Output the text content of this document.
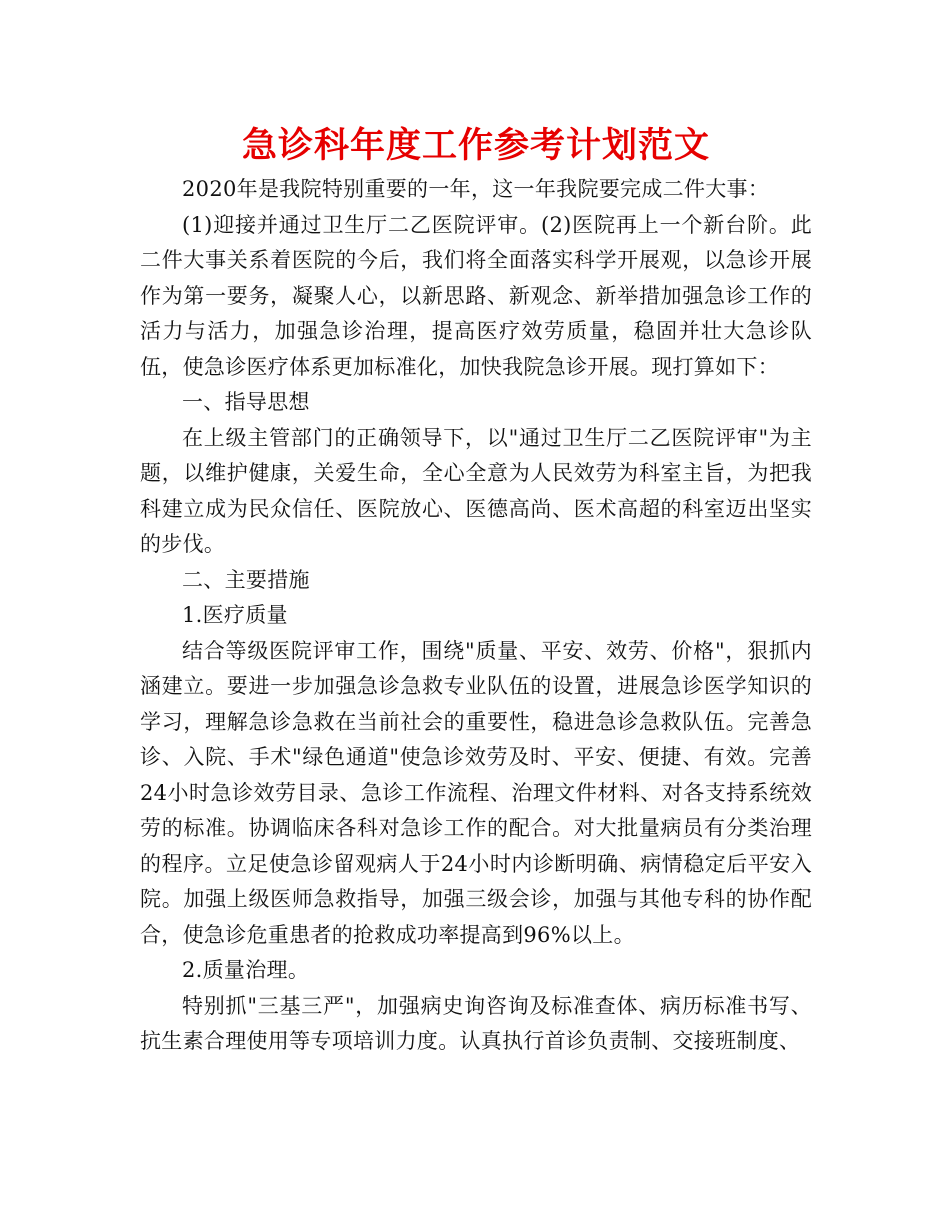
急诊科年度工作参考计划范文

2020年是我院特别重要的一年，这一年我院要完成二件大事：

(1)迎接并通过卫生厅二乙医院评审。(2)医院再上一个新台阶。此二件大事关系着医院的今后，我们将全面落实科学开展观，以急诊开展作为第一要务，凝聚人心，以新思路、新观念、新举措加强急诊工作的活力与活力，加强急诊治理，提高医疗效劳质量，稳固并壮大急诊队伍，使急诊医疗体系更加标准化，加快我院急诊开展。现打算如下：

一、指导思想

在上级主管部门的正确领导下，以"通过卫生厅二乙医院评审"为主题，以维护健康，关爱生命，全心全意为人民效劳为科室主旨，为把我科建立成为民众信任、医院放心、医德高尚、医术高超的科室迈出坚实的步伐。

二、主要措施

1.医疗质量

结合等级医院评审工作，围绕"质量、平安、效劳、价格"，狠抓内涵建立。要进一步加强急诊急救专业队伍的设置，进展急诊医学知识的学习，理解急诊急救在当前社会的重要性，稳进急诊急救队伍。完善急诊、入院、手术"绿色通道"使急诊效劳及时、平安、便捷、有效。完善24小时急诊效劳目录、急诊工作流程、治理文件材料、对各支持系统效劳的标准。协调临床各科对急诊工作的配合。对大批量病员有分类治理的程序。立足使急诊留观病人于24小时内诊断明确、病情稳定后平安入院。加强上级医师急救指导，加强三级会诊，加强与其他专科的协作配合，使急诊危重患者的抢救成功率提高到96%以上。

2.质量治理。

特别抓"三基三严"，加强病史询咨询及标准查体、病历标准书写、抗生素合理使用等专项培训力度。认真执行首诊负责制、交接班制度、
